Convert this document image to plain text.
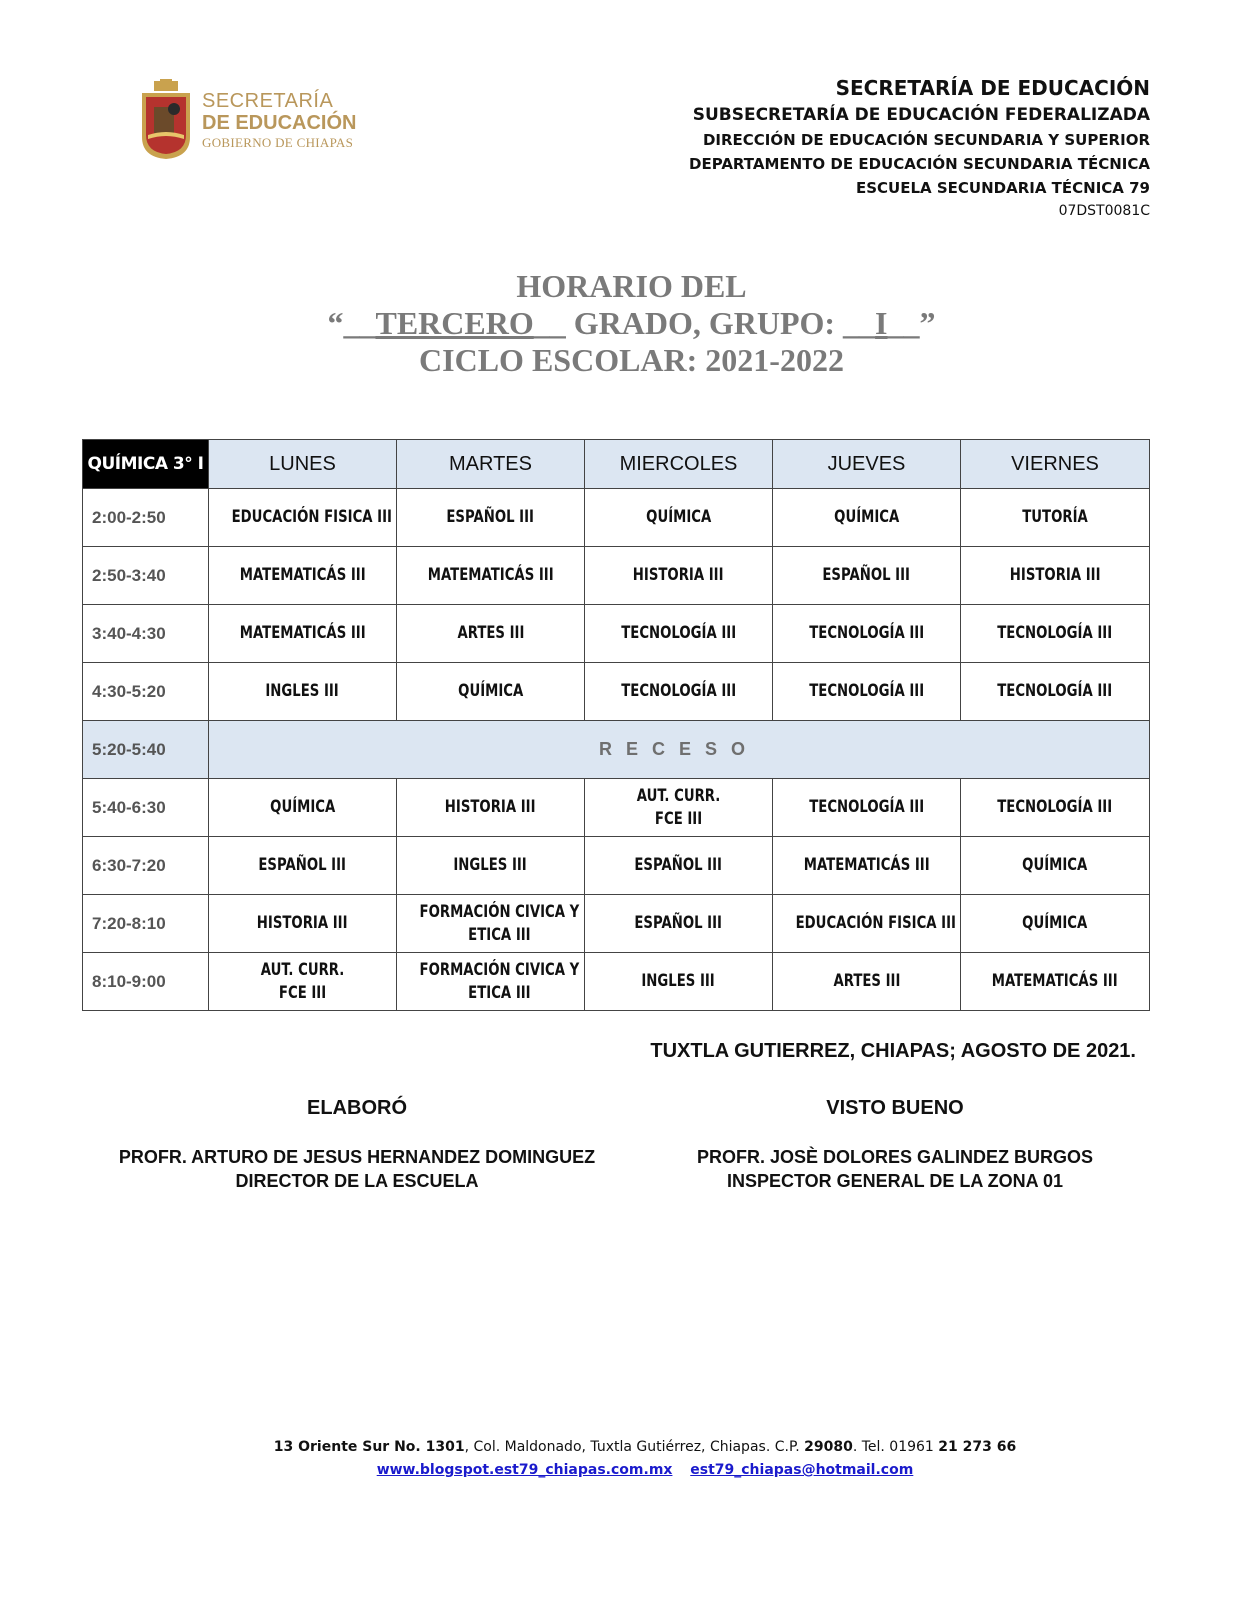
SECRETARÍA
DE EDUCACIÓN
GOBIERNO DE CHIAPAS
SECRETARÍA DE EDUCACIÓN
SUBSECRETARÍA DE EDUCACIÓN FEDERALIZADA
DIRECCIÓN DE EDUCACIÓN SECUNDARIA Y SUPERIOR
DEPARTAMENTO DE EDUCACIÓN SECUNDARIA TÉCNICA
ESCUELA SECUNDARIA TÉCNICA 79
07DST0081C
HORARIO DEL
“__TERCERO__ GRADO, GRUPO: __I__”
CICLO ESCOLAR: 2021-2022
QUÍMICA 3° I	LUNES	MARTES	MIERCOLES	JUEVES	VIERNES
2:00-2:50	EDUCACIÓN FISICA III	ESPAÑOL III	QUÍMICA	QUÍMICA	TUTORÍA
2:50-3:40	MATEMATICÁS III	MATEMATICÁS III	HISTORIA III	ESPAÑOL III	HISTORIA III
3:40-4:30	MATEMATICÁS III	ARTES III	TECNOLOGÍA III	TECNOLOGÍA III	TECNOLOGÍA III
4:30-5:20	INGLES III	QUÍMICA	TECNOLOGÍA III	TECNOLOGÍA III	TECNOLOGÍA III
5:20-5:40	RECESO				
5:40-6:30	QUÍMICA	HISTORIA III	AUT. CURR.
FCE III	TECNOLOGÍA III	TECNOLOGÍA III
6:30-7:20	ESPAÑOL III	INGLES III	ESPAÑOL III	MATEMATICÁS III	QUÍMICA
7:20-8:10	HISTORIA III	FORMACIÓN CIVICA Y
ETICA III	ESPAÑOL III	EDUCACIÓN FISICA III	QUÍMICA
8:10-9:00	AUT. CURR.
FCE III	FORMACIÓN CIVICA Y
ETICA III	INGLES III	ARTES III	MATEMATICÁS III
TUXTLA GUTIERREZ, CHIAPAS; AGOSTO DE 2021.
ELABORÓ
PROFR. ARTURO DE JESUS HERNANDEZ DOMINGUEZ
DIRECTOR DE LA ESCUELA
VISTO BUENO
PROFR. JOSÈ DOLORES GALINDEZ BURGOS
INSPECTOR GENERAL DE LA ZONA 01
13 Oriente Sur No. 1301, Col. Maldonado, Tuxtla Gutiérrez, Chiapas. C.P. 29080. Tel. 01961 21 273 66
www.blogspot.est79_chiapas.com.mx est79_chiapas@hotmail.com
